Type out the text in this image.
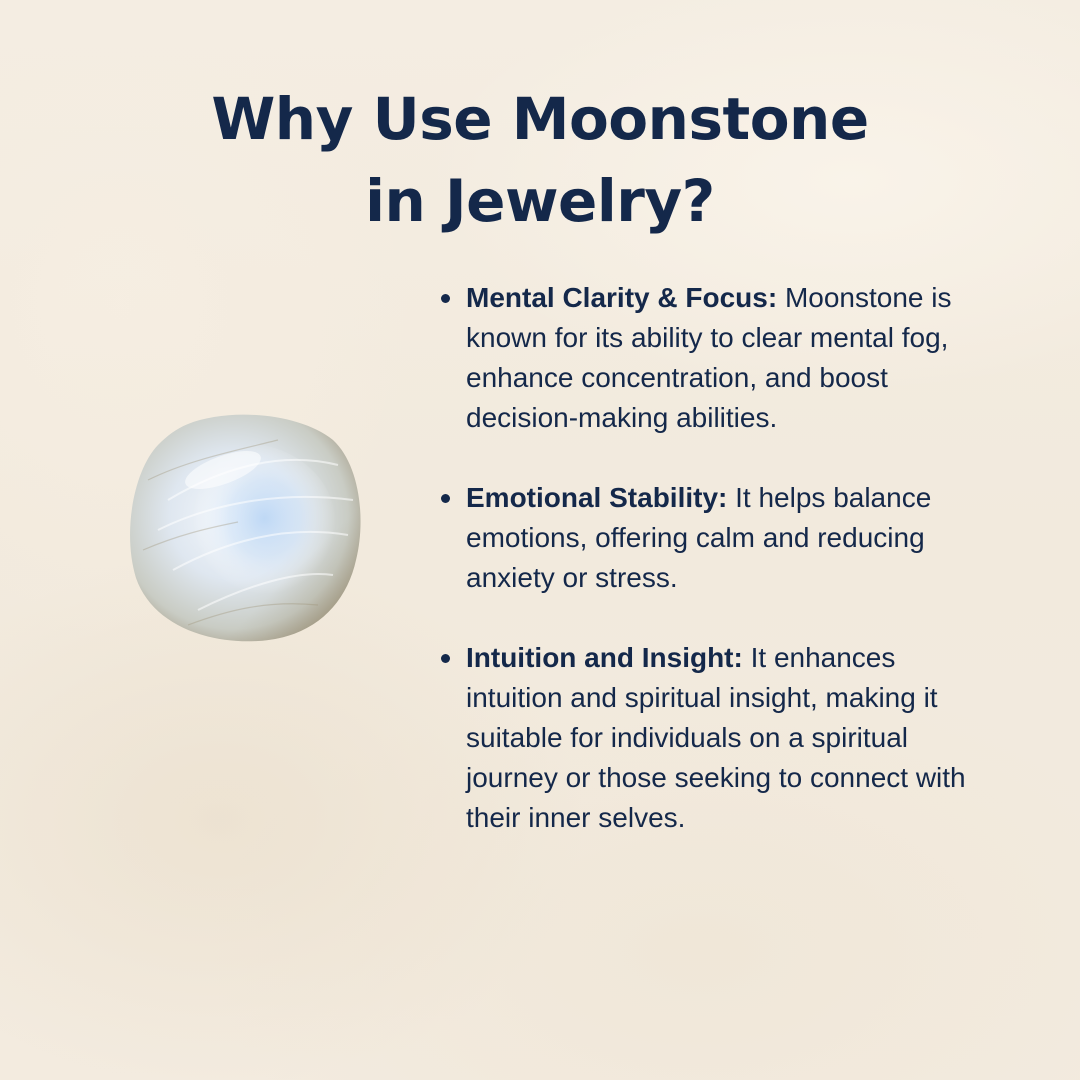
Why Use Moonstone
in Jewelry?
Mental Clarity & Focus: Moonstone is known for its ability to clear mental fog, enhance concentration, and boost decision-making abilities.
Emotional Stability: It helps balance emotions, offering calm and reducing anxiety or stress.
Intuition and Insight: It enhances intuition and spiritual insight, making it suitable for individuals on a spiritual journey or those seeking to connect with their inner selves.
